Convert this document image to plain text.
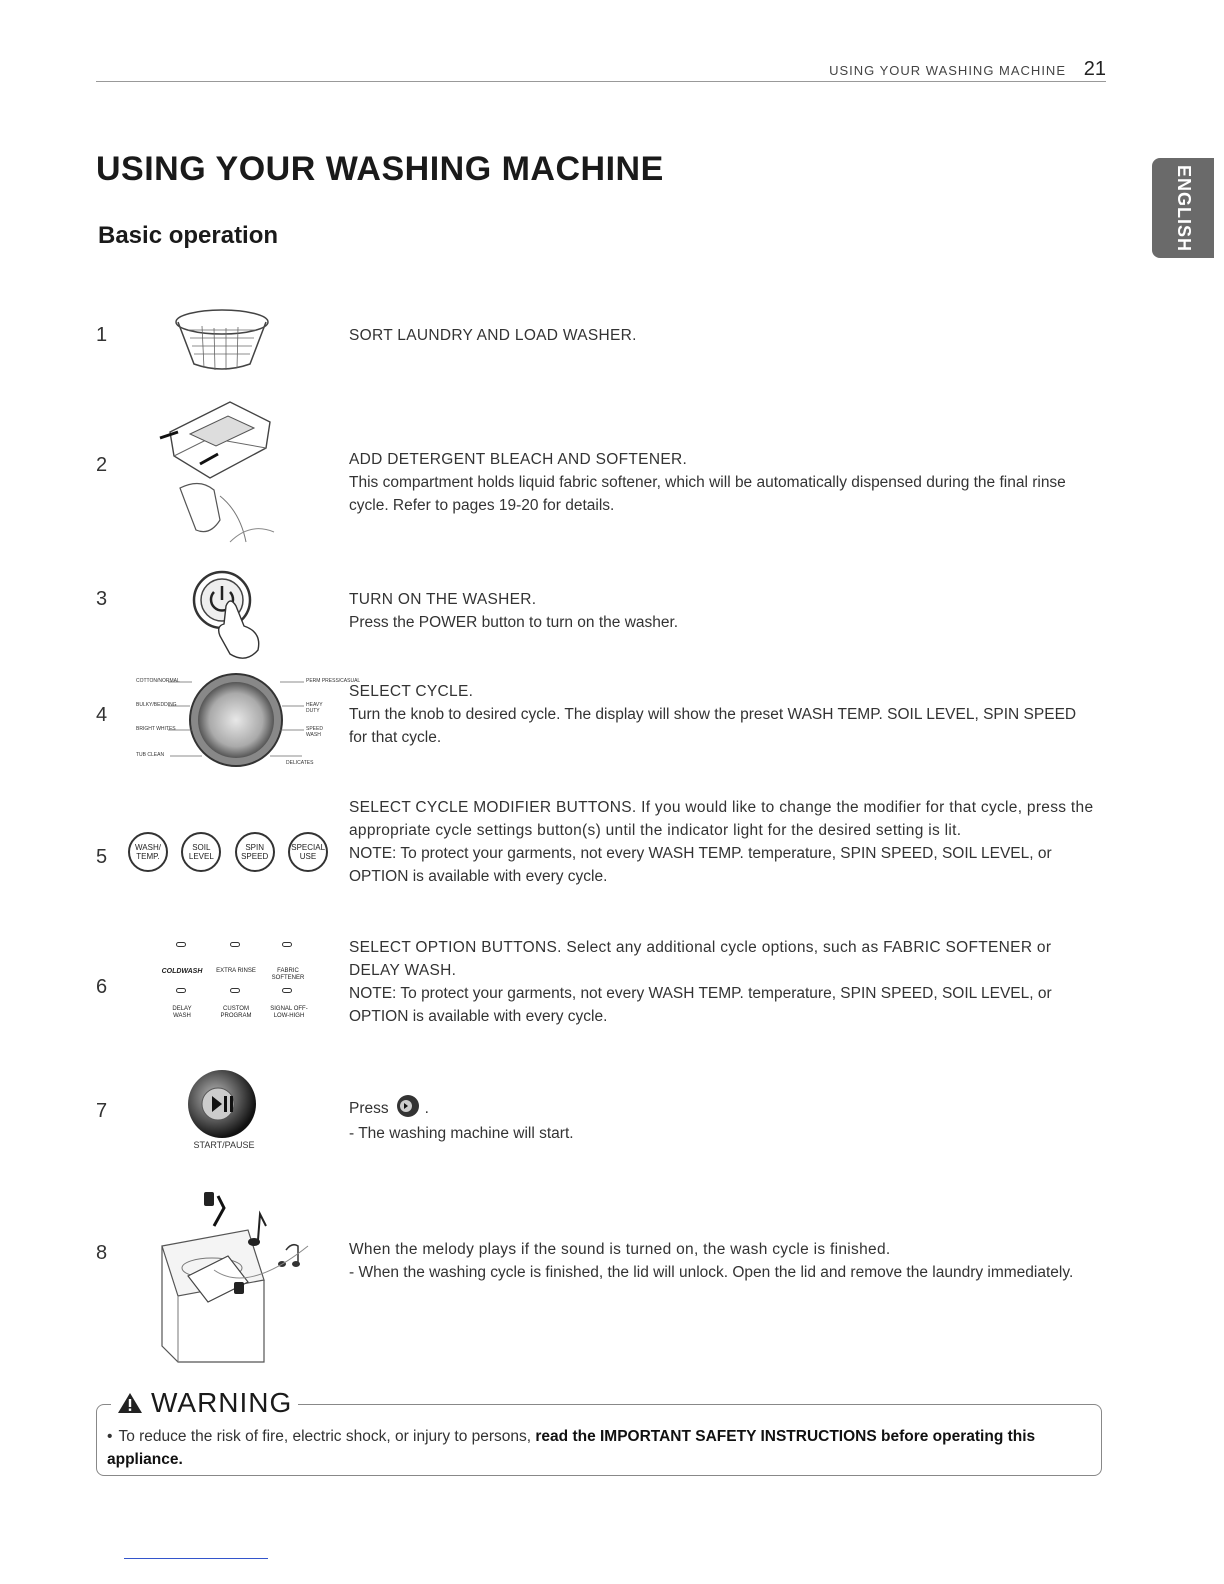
USING YOUR WASHING MACHINE 21
USING YOUR WASHING MACHINE
Basic operation	ENGLISH
1	SORT LAUNDRY AND LOAD WASHER.
2	ADD DETERGENT BLEACH AND SOFTENER.
This compartment holds liquid fabric softener, which will be automatically dispensed during the final rinse cycle. Refer to pages 19-20 for details.
3	TURN ON THE WASHER.
Press the POWER button to turn on the washer.
4
COTTON/NORMAL
BULKY/BEDDING
BRIGHT WHITES
TUB CLEAN
PERM PRESS/CASUAL
HEAVY DUTY
SPEED WASH
DELICATES
SELECT CYCLE.
Turn the knob to desired cycle. The display will show the preset WASH TEMP. SOIL LEVEL, SPIN SPEED for that cycle.
5	WASH/ TEMP.
SOIL LEVEL
SPIN SPEED
SPECIAL USE
SELECT CYCLE MODIFIER BUTTONS. If you would like to change the modifier for that cycle, press the appropriate cycle settings button(s) until the indicator light for the desired setting is lit.
NOTE: To protect your garments, not every WASH TEMP. temperature, SPIN SPEED, SOIL LEVEL, or OPTION is available with every cycle.
6
COLDWASH	EXTRA RINSE	FABRIC SOFTENER
DELAY WASH
CUSTOM PROGRAM
SIGNAL OFF-LOW-HIGH
SELECT OPTION BUTTONS. Select any additional cycle options, such as FABRIC SOFTENER or DELAY WASH.
NOTE: To protect your garments, not every WASH TEMP. temperature, SPIN SPEED, SOIL LEVEL, or OPTION is available with every cycle.
7
START/PAUSE
Press .
- The washing machine will start.
8	When the melody plays if the sound is turned on, the wash cycle is finished.
- When the washing cycle is finished, the lid will unlock. Open the lid and remove the laundry immediately.
WARNING
• To reduce the risk of fire, electric shock, or injury to persons, read the IMPORTANT SAFETY INSTRUCTIONS before operating this appliance.
